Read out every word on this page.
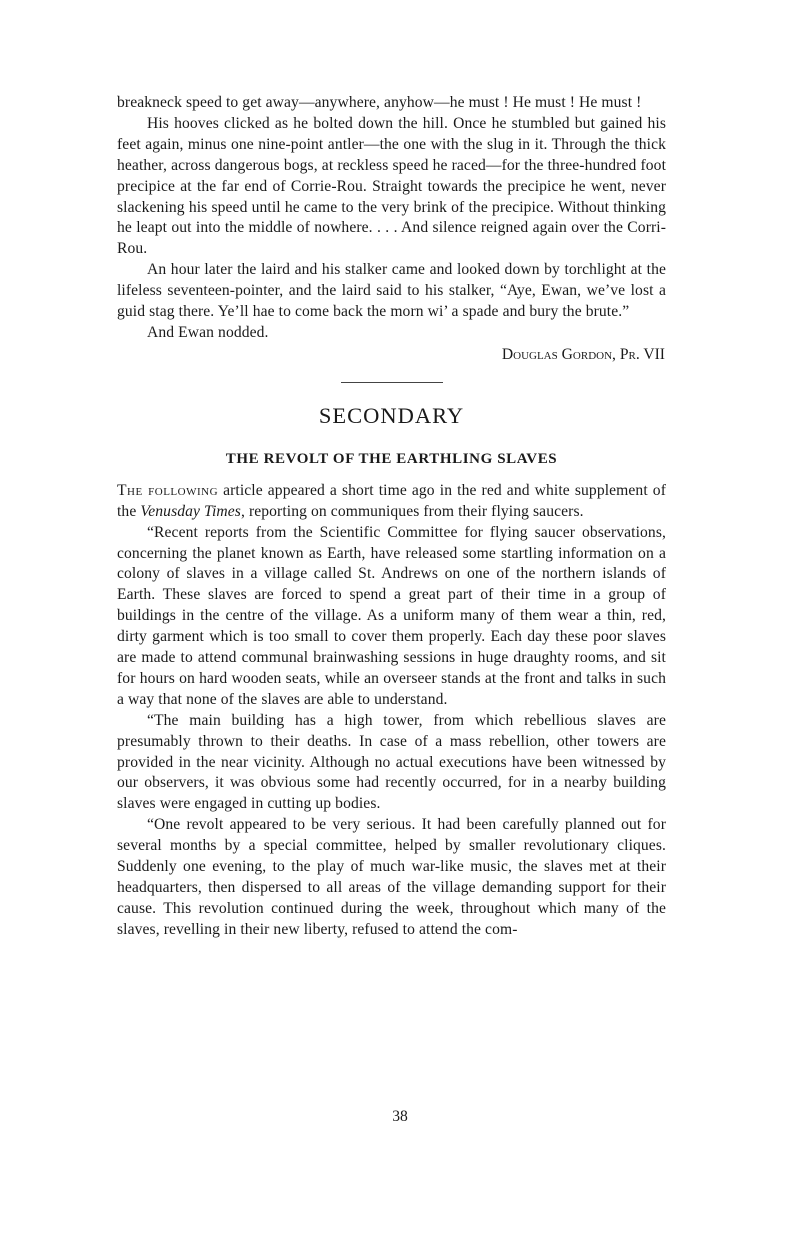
breakneck speed to get away—anywhere, anyhow—he must ! He must ! He must !

His hooves clicked as he bolted down the hill. Once he stumbled but gained his feet again, minus one nine-point antler—the one with the slug in it. Through the thick heather, across dangerous bogs, at reckless speed he raced—for the three-hundred foot precipice at the far end of Corrie-Rou. Straight towards the precipice he went, never slackening his speed until he came to the very brink of the precipice. Without thinking he leapt out into the middle of nowhere. . . . And silence reigned again over the Corri-Rou.

An hour later the laird and his stalker came and looked down by torchlight at the lifeless seventeen-pointer, and the laird said to his stalker, “Aye, Ewan, we’ve lost a guid stag there. Ye’ll hae to come back the morn wi’ a spade and bury the brute.”

And Ewan nodded.

Douglas Gordon, Pr. VII
SECONDARY
THE REVOLT OF THE EARTHLING SLAVES

The following article appeared a short time ago in the red and white supplement of the Venusday Times, reporting on communiques from their flying saucers.

“Recent reports from the Scientific Committee for flying saucer observations, concerning the planet known as Earth, have released some startling information on a colony of slaves in a village called St. Andrews on one of the northern islands of Earth. These slaves are forced to spend a great part of their time in a group of buildings in the centre of the village. As a uniform many of them wear a thin, red, dirty garment which is too small to cover them properly. Each day these poor slaves are made to attend communal brainwashing sessions in huge draughty rooms, and sit for hours on hard wooden seats, while an overseer stands at the front and talks in such a way that none of the slaves are able to understand.

“The main building has a high tower, from which rebellious slaves are presumably thrown to their deaths. In case of a mass rebellion, other towers are provided in the near vicinity. Although no actual executions have been witnessed by our observers, it was obvious some had recently occurred, for in a nearby building slaves were engaged in cutting up bodies.

“One revolt appeared to be very serious. It had been carefully planned out for several months by a special committee, helped by smaller revolutionary cliques. Suddenly one evening, to the play of much war-like music, the slaves met at their headquarters, then dispersed to all areas of the village demanding support for their cause. This revolution continued during the week, throughout which many of the slaves, revelling in their new liberty, refused to attend the com-

38
